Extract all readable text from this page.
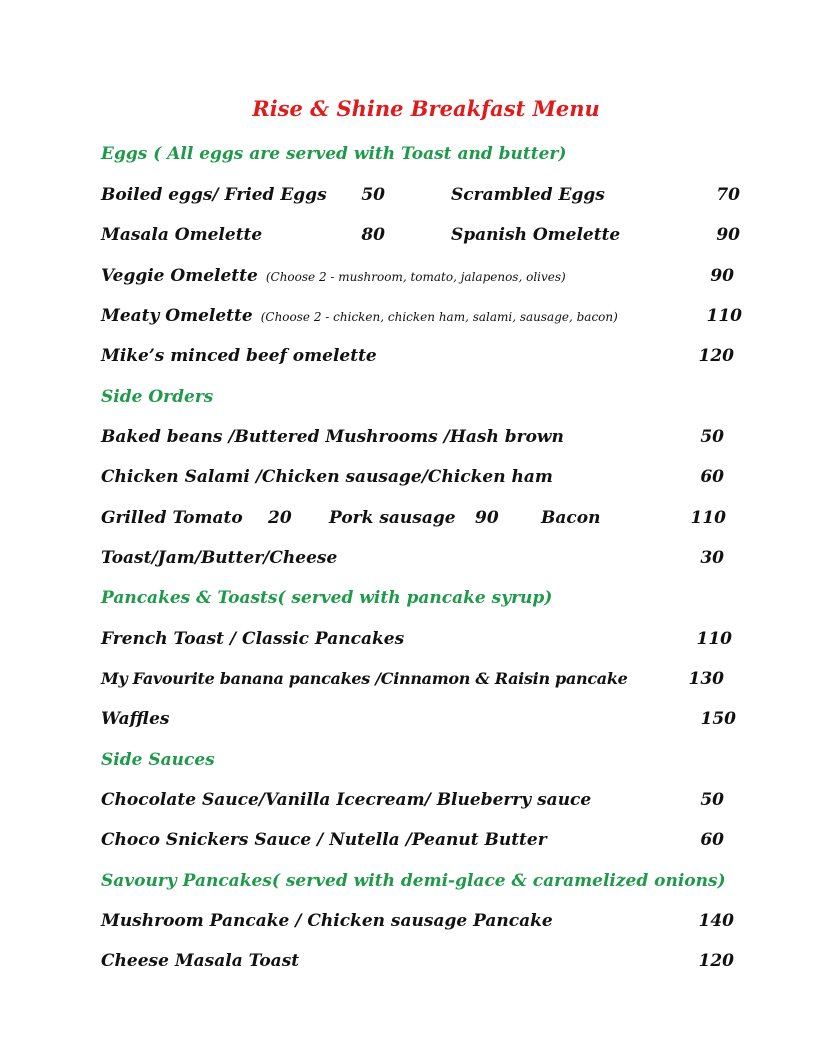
Rise & Shine Breakfast Menu
Eggs ( All eggs are served with Toast and butter)
Boiled eggs/ Fried Eggs	50	Scrambled Eggs	70
Masala Omelette	80	Spanish Omelette	90
Veggie Omelette (Choose 2 - mushroom, tomato, jalapenos, olives)	90
Meaty Omelette (Choose 2 - chicken, chicken ham, salami, sausage, bacon)	110
Mike’s minced beef omelette	120
Side Orders
Baked beans /Buttered Mushrooms /Hash brown	50
Chicken Salami /Chicken sausage/Chicken ham	60
Grilled Tomato 20 Pork sausage 90 Bacon	110
Toast/Jam/Butter/Cheese	30
Pancakes & Toasts( served with pancake syrup)
French Toast / Classic Pancakes	110
My Favourite banana pancakes /Cinnamon & Raisin pancake	130
Waffles	150
Side Sauces
Chocolate Sauce/Vanilla Icecream/ Blueberry sauce	50
Choco Snickers Sauce / Nutella /Peanut Butter	60
Savoury Pancakes( served with demi-glace & caramelized onions)
Mushroom Pancake / Chicken sausage Pancake	140
Cheese Masala Toast	120
